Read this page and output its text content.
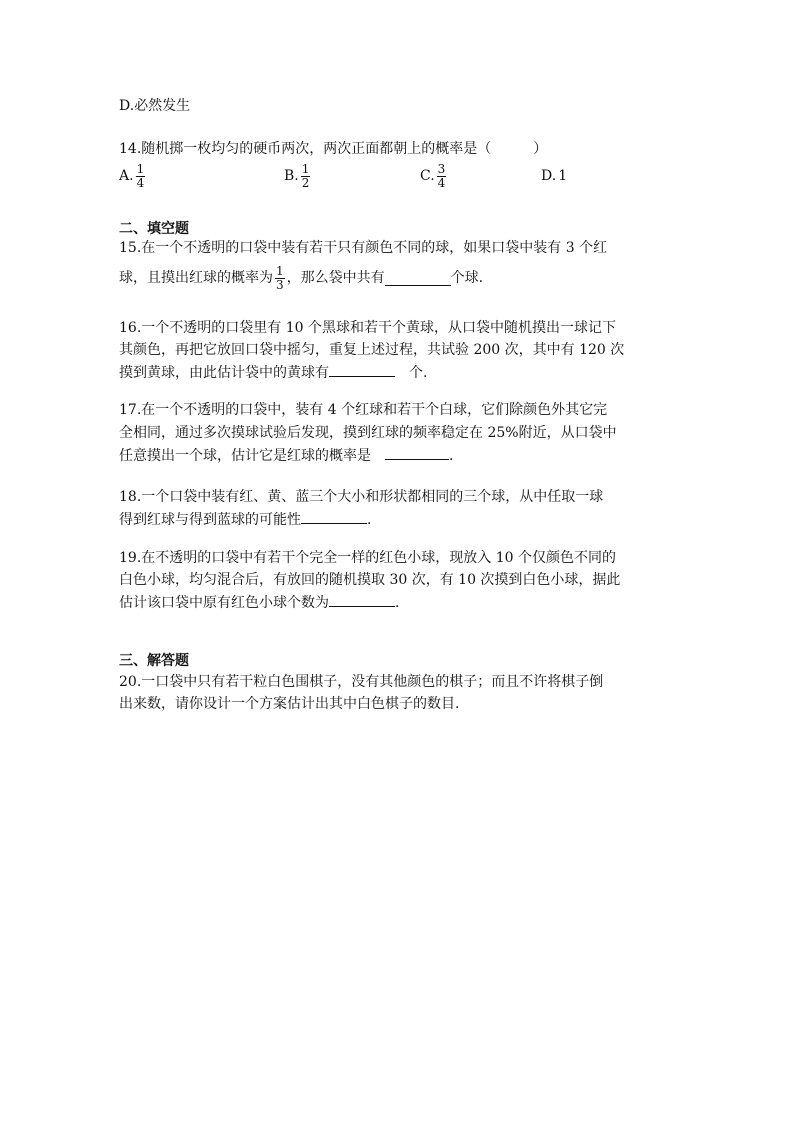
D.必然发生
14.随机掷一枚均匀的硬币两次，两次正面都朝上的概率是（　　　）
A. $\frac{1}{4}$	B. $\frac{1}{2}$	C. $\frac{3}{4}$	D. 1
二、填空题
15.在一个不透明的口袋中装有若干只有颜色不同的球，如果口袋中装有 3 个红
球，且摸出红球的概率为 $\frac{1}{3}$ ，那么袋中共有	个球.
16.一个不透明的口袋里有 10 个黑球和若干个黄球，从口袋中随机摸出一球记下
其颜色，再把它放回口袋中摇匀，重复上述过程，共试验 200 次，其中有 120 次
摸到黄球，由此估计袋中的黄球有	　个.
17.在一个不透明的口袋中，装有 4 个红球和若干个白球，它们除颜色外其它完
全相同，通过多次摸球试验后发现，摸到红球的频率稳定在 25%附近，从口袋中
任意摸出一个球，估计它是红球的概率是　	.
18.一个口袋中装有红、黄、蓝三个大小和形状都相同的三个球，从中任取一球
得到红球与得到蓝球的可能性	.
19.在不透明的口袋中有若干个完全一样的红色小球，现放入 10 个仅颜色不同的
白色小球，均匀混合后，有放回的随机摸取 30 次，有 10 次摸到白色小球，据此
估计该口袋中原有红色小球个数为	.
三、解答题
20.一口袋中只有若干粒白色围棋子，没有其他颜色的棋子；而且不许将棋子倒
出来数，请你设计一个方案估计出其中白色棋子的数目.
